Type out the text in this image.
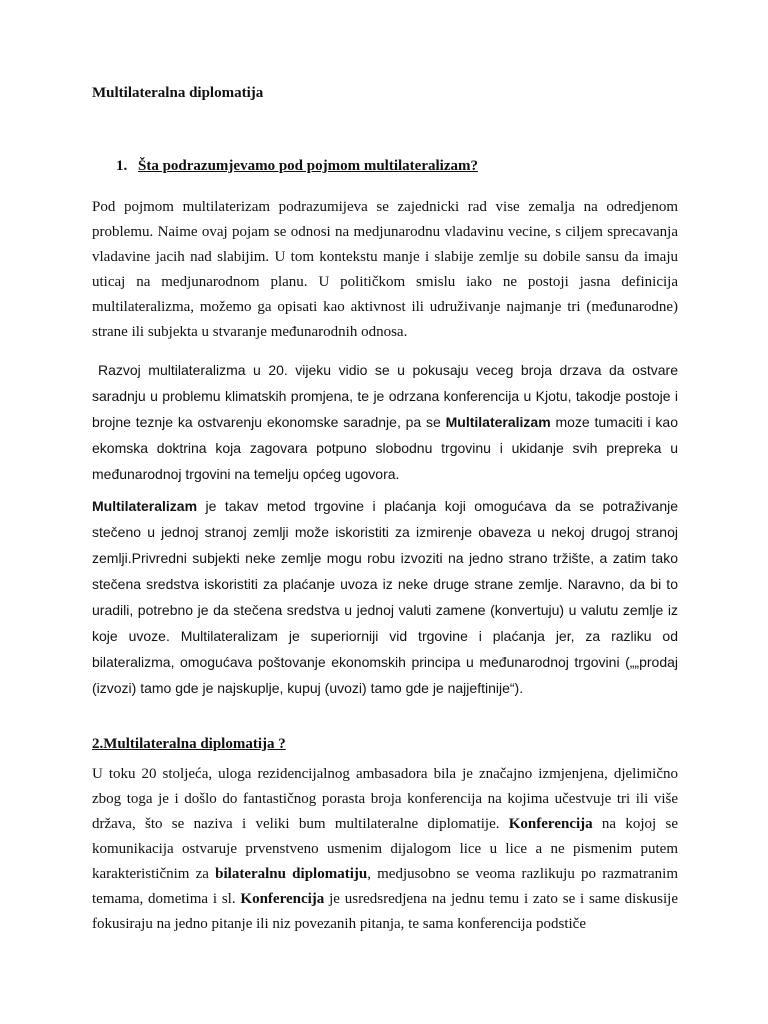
Multilateralna diplomatija

1. Šta podrazumjevamo pod pojmom multilateralizam?

Pod pojmom multilaterizam podrazumijeva se zajednicki rad vise zemalja na odredjenom problemu. Naime ovaj pojam se odnosi na medjunarodnu vladavinu vecine, s ciljem sprecavanja vladavine jacih nad slabijim. U tom kontekstu manje i slabije zemlje su dobile sansu da imaju uticaj na medjunarodnom planu. U političkom smislu iako ne postoji jasna definicija multilateralizma, možemo ga opisati kao aktivnost ili udruživanje najmanje tri (međunarodne) strane ili subjekta u stvaranje međunarodnih odnosa.

Razvoj multilateralizma u 20. vijeku vidio se u pokusaju veceg broja drzava da ostvare saradnju u problemu klimatskih promjena, te je odrzana konferencija u Kjotu, takodje postoje i brojne teznje ka ostvarenju ekonomske saradnje, pa se Multilateralizam moze tumaciti i kao ekomska doktrina koja zagovara potpuno slobodnu trgovinu i ukidanje svih prepreka u međunarodnoj trgovini na temelju općeg ugovora.

Multilateralizam je takav metod trgovine i plaćanja koji omogućava da se potraživanje stečeno u jednoj stranoj zemlji može iskoristiti za izmirenje obaveza u nekoj drugoj stranoj zemlji.Privredni subjekti neke zemlje mogu robu izvoziti na jedno strano tržište, a zatim tako stečena sredstva iskoristiti za plaćanje uvoza iz neke druge strane zemlje. Naravno, da bi to uradili, potrebno je da stečena sredstva u jednoj valuti zamene (konvertuju) u valutu zemlje iz koje uvoze. Multilateralizam je superiorniji vid trgovine i plaćanja jer, za razliku od bilateralizma, omogućava poštovanje ekonomskih principa u međunarodnoj trgovini („„prodaj (izvozi) tamo gde je najskuplje, kupuj (uvozi) tamo gde je najjeftinije“).

2.Multilateralna diplomatija ?

U toku 20 stoljeća, uloga rezidencijalnog ambasadora bila je značajno izmjenjena, djelimično zbog toga je i došlo do fantastičnog porasta broja konferencija na kojima učestvuje tri ili više država, što se naziva i veliki bum multilateralne diplomatije. Konferencija na kojoj se komunikacija ostvaruje prvenstveno usmenim dijalogom lice u lice a ne pismenim putem karakterističnim za bilateralnu diplomatiju, medjusobno se veoma razlikuju po razmatranim temama, dometima i sl. Konferencija je usredsredjena na jednu temu i zato se i same diskusije fokusiraju na jedno pitanje ili niz povezanih pitanja, te sama konferencija podstiče
